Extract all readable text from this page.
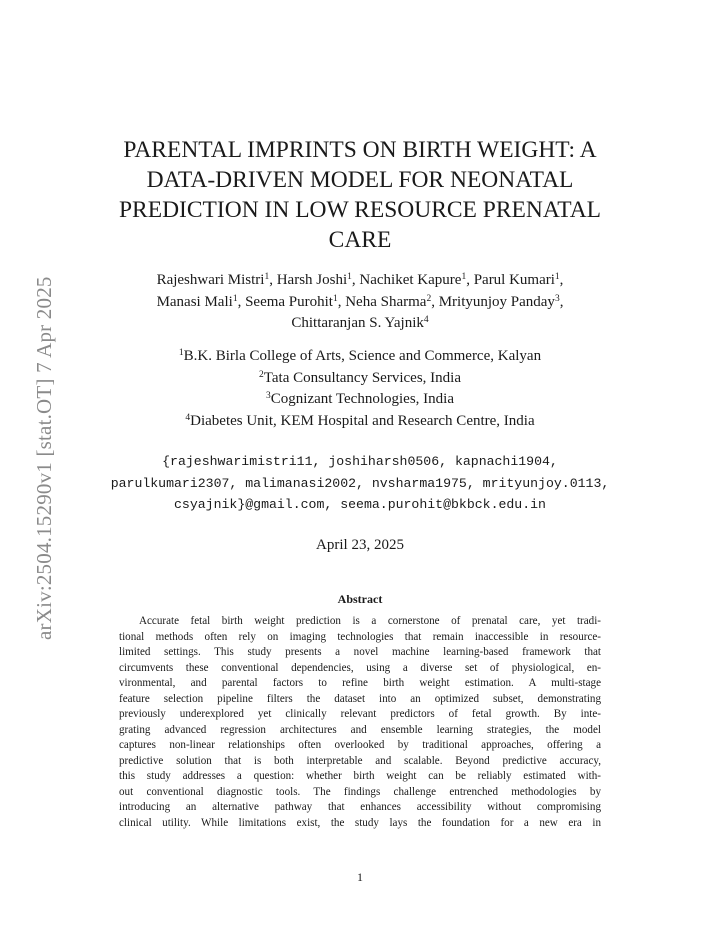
arXiv:2504.15290v1 [stat.OT] 7 Apr 2025
PARENTAL IMPRINTS ON BIRTH WEIGHT: A
DATA-DRIVEN MODEL FOR NEONATAL
PREDICTION IN LOW RESOURCE PRENATAL
CARE
Rajeshwari Mistri$^1$, Harsh Joshi$^1$, Nachiket Kapure$^1$, Parul Kumari$^1$,
Manasi Mali$^1$, Seema Purohit$^1$, Neha Sharma$^2$, Mrityunjoy Panday$^3$,
Chittaranjan S. Yajnik$^4$
$^1$B.K. Birla College of Arts, Science and Commerce, Kalyan
$^2$Tata Consultancy Services, India
$^3$Cognizant Technologies, India
$^4$Diabetes Unit, KEM Hospital and Research Centre, India
{rajeshwarimistri11, joshiharsh0506, kapnachi1904,
parulkumari2307, malimanasi2002, nvsharma1975, mrityunjoy.0113,
csyajnik}@gmail.com, seema.purohit@bkbck.edu.in
April 23, 2025
Abstract
Accurate fetal birth weight prediction is a cornerstone of prenatal care, yet tradi-
tional methods often rely on imaging technologies that remain inaccessible in resource-
limited settings. This study presents a novel machine learning-based framework that
circumvents these conventional dependencies, using a diverse set of physiological, en-
vironmental, and parental factors to refine birth weight estimation. A multi-stage
feature selection pipeline filters the dataset into an optimized subset, demonstrating
previously underexplored yet clinically relevant predictors of fetal growth. By inte-
grating advanced regression architectures and ensemble learning strategies, the model
captures non-linear relationships often overlooked by traditional approaches, offering a
predictive solution that is both interpretable and scalable. Beyond predictive accuracy,
this study addresses a question: whether birth weight can be reliably estimated with-
out conventional diagnostic tools. The findings challenge entrenched methodologies by
introducing an alternative pathway that enhances accessibility without compromising
clinical utility. While limitations exist, the study lays the foundation for a new era in
1
